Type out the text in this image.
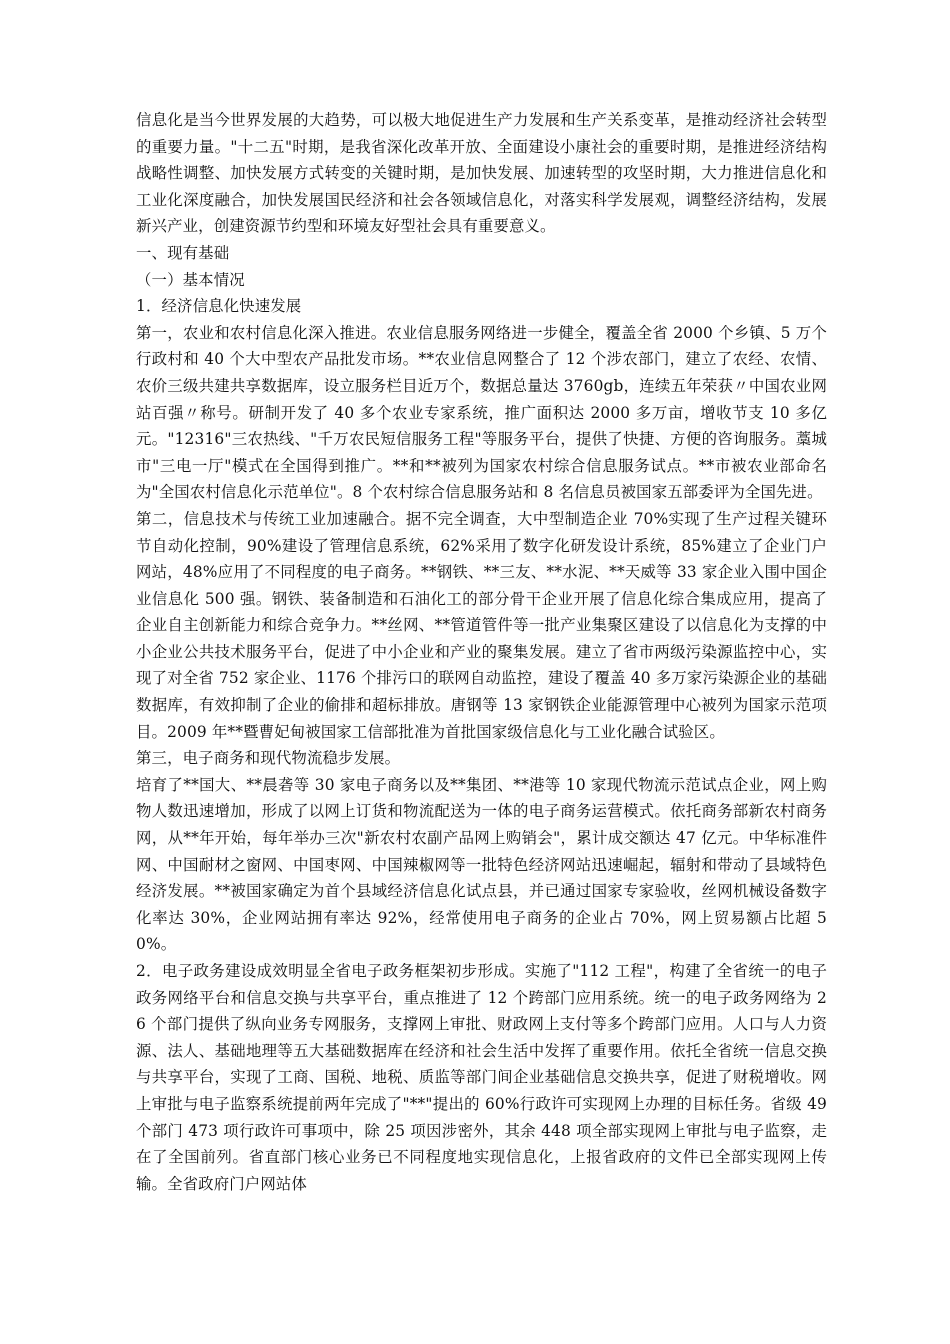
信息化是当今世界发展的大趋势，可以极大地促进生产力发展和生产关系变革，是推动经济社会转型的重要力量。"十二五"时期，是我省深化改革开放、全面建设小康社会的重要时期，是推进经济结构战略性调整、加快发展方式转变的关键时期，是加快发展、加速转型的攻坚时期，大力推进信息化和工业化深度融合，加快发展国民经济和社会各领域信息化，对落实科学发展观，调整经济结构，发展新兴产业，创建资源节约型和环境友好型社会具有重要意义。

一、现有基础

（一）基本情况

1．经济信息化快速发展

第一，农业和农村信息化深入推进。农业信息服务网络进一步健全，覆盖全省 2000 个乡镇、5 万个行政村和 40 个大中型农产品批发市场。**农业信息网整合了 12 个涉农部门，建立了农经、农情、农价三级共建共享数据库，设立服务栏目近万个，数据总量达 3760gb，连续五年荣获〃中国农业网站百强〃称号。研制开发了 40 多个农业专家系统，推广面积达 2000 多万亩，增收节支 10 多亿元。"12316"三农热线、"千万农民短信服务工程"等服务平台，提供了快捷、方便的咨询服务。藁城市"三电一厅"模式在全国得到推广。**和**被列为国家农村综合信息服务试点。**市被农业部命名为"全国农村信息化示范单位"。8 个农村综合信息服务站和 8 名信息员被国家五部委评为全国先进。

第二，信息技术与传统工业加速融合。据不完全调查，大中型制造企业 70%实现了生产过程关键环节自动化控制，90%建设了管理信息系统，62%采用了数字化研发设计系统，85%建立了企业门户网站，48%应用了不同程度的电子商务。**钢铁、**三友、**水泥、**天威等 33 家企业入围中国企业信息化 500 强。钢铁、装备制造和石油化工的部分骨干企业开展了信息化综合集成应用，提高了企业自主创新能力和综合竞争力。**丝网、**管道管件等一批产业集聚区建设了以信息化为支撑的中小企业公共技术服务平台，促进了中小企业和产业的聚集发展。建立了省市两级污染源监控中心，实现了对全省 752 家企业、1176 个排污口的联网自动监控，建设了覆盖 40 多万家污染源企业的基础数据库，有效抑制了企业的偷排和超标排放。唐钢等 13 家钢铁企业能源管理中心被列为国家示范项目。2009 年**暨曹妃甸被国家工信部批准为首批国家级信息化与工业化融合试验区。

第三，电子商务和现代物流稳步发展。

培育了**国大、**晨砻等 30 家电子商务以及**集团、**港等 10 家现代物流示范试点企业，网上购物人数迅速增加，形成了以网上订货和物流配送为一体的电子商务运营模式。依托商务部新农村商务网，从**年开始，每年举办三次"新农村农副产品网上购销会"，累计成交额达 47 亿元。中华标准件网、中国耐材之窗网、中国枣网、中国辣椒网等一批特色经济网站迅速崛起，辐射和带动了县域特色经济发展。**被国家确定为首个县域经济信息化试点县，并已通过国家专家验收，丝网机械设备数字化率达 30%，企业网站拥有率达 92%，经常使用电子商务的企业占 70%，网上贸易额占比超 50%。

2．电子政务建设成效明显全省电子政务框架初步形成。实施了"112 工程"，构建了全省统一的电子政务网络平台和信息交换与共享平台，重点推进了 12 个跨部门应用系统。统一的电子政务网络为 26 个部门提供了纵向业务专网服务，支撑网上审批、财政网上支付等多个跨部门应用。人口与人力资源、法人、基础地理等五大基础数据库在经济和社会生活中发挥了重要作用。依托全省统一信息交换与共享平台，实现了工商、国税、地税、质监等部门间企业基础信息交换共享，促进了财税增收。网上审批与电子监察系统提前两年完成了"**"提出的 60%行政许可实现网上办理的目标任务。省级 49 个部门 473 项行政许可事项中，除 25 项因涉密外，其余 448 项全部实现网上审批与电子监察，走在了全国前列。省直部门核心业务已不同程度地实现信息化，上报省政府的文件已全部实现网上传输。全省政府门户网站体
